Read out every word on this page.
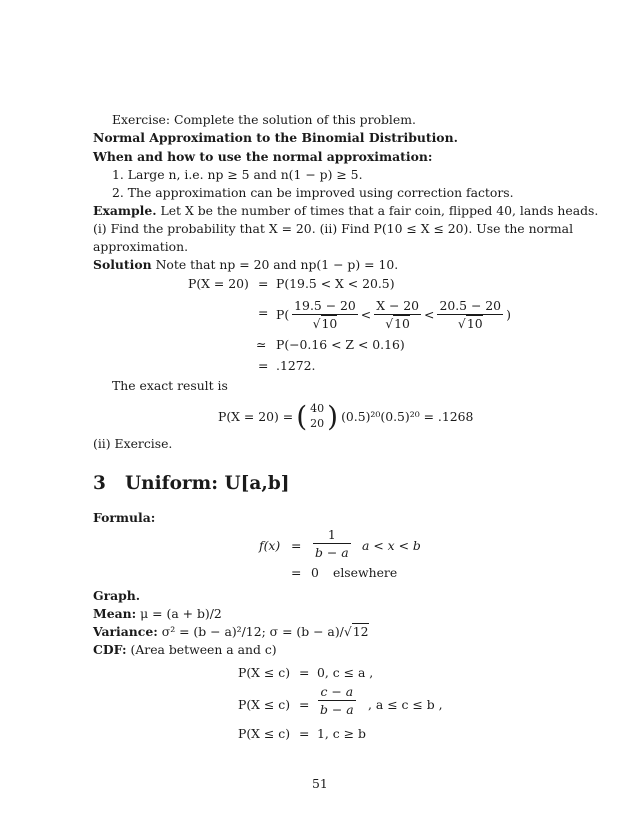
Exercise: Complete the solution of this problem.
Normal Approximation to the Binomial Distribution.
When and how to use the normal approximation:
1. Large n, i.e. np ≥ 5 and n(1 − p) ≥ 5.
2. The approximation can be improved using correction factors.
Example. Let X be the number of times that a fair coin, flipped 40, lands heads.
(i) Find the probability that X = 20. (ii) Find P(10 ≤ X ≤ 20). Use the normal
approximation.
Solution Note that np = 20 and np(1 − p) = 10.
P(X = 20) = P(19.5 < X < 20.5)
= $P( \frac{19.5 - 20}{√10} < \frac{X - 20}{√10} < \frac{20.5 - 20}{√10}$ )
≃ P(−0.16 < Z < 0.16)
= .1272.
The exact result is
P(X = 20) = ( 40
20 ) (0.5)²⁰(0.5)²⁰ = .1268
(ii) Exercise.
3 Uniform: U[a,b]
Formula:
$f(x) = \frac{1}{b - a}$ a < x < b
= 0 elsewhere
Graph.
Mean: μ = (a + b)/2
Variance: σ² = (b − a)²/12; σ = (b − a)/√12
CDF: (Area between a and c)
P(X ≤ c) = 0, c ≤ a ,
$P(X \le c) = \frac{c - a}{b - a}$ , a ≤ c ≤ b ,
P(X ≤ c) = 1, c ≥ b
51
